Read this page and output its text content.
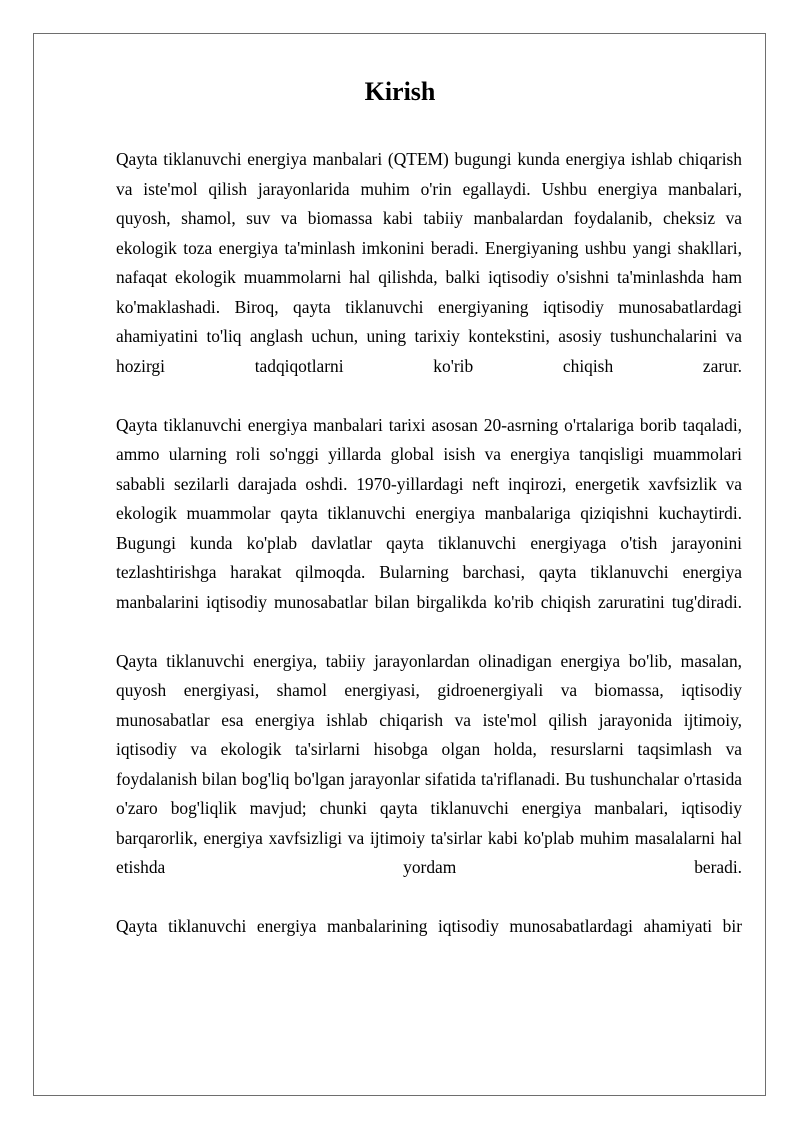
Kirish

Qayta tiklanuvchi energiya manbalari (QTEM) bugungi kunda energiya ishlab chiqarish va iste'mol qilish jarayonlarida muhim o'rin egallaydi. Ushbu energiya manbalari, quyosh, shamol, suv va biomassa kabi tabiiy manbalardan foydalanib, cheksiz va ekologik toza energiya ta'minlash imkonini beradi. Energiyaning ushbu yangi shakllari, nafaqat ekologik muammolarni hal qilishda, balki iqtisodiy o'sishni ta'minlashda ham ko'maklashadi. Biroq, qayta tiklanuvchi energiyaning iqtisodiy munosabatlardagi ahamiyatini to'liq anglash uchun, uning tarixiy kontekstini, asosiy tushunchalarini va hozirgi tadqiqotlarni ko'rib chiqish zarur.

Qayta tiklanuvchi energiya manbalari tarixi asosan 20-asrning o'rtalariga borib taqaladi, ammo ularning roli so'nggi yillarda global isish va energiya tanqisligi muammolari sababli sezilarli darajada oshdi. 1970-yillardagi neft inqirozi, energetik xavfsizlik va ekologik muammolar qayta tiklanuvchi energiya manbalariga qiziqishni kuchaytirdi. Bugungi kunda ko'plab davlatlar qayta tiklanuvchi energiyaga o'tish jarayonini tezlashtirishga harakat qilmoqda. Bularning barchasi, qayta tiklanuvchi energiya manbalarini iqtisodiy munosabatlar bilan birgalikda ko'rib chiqish zaruratini tug'diradi.

Qayta tiklanuvchi energiya, tabiiy jarayonlardan olinadigan energiya bo'lib, masalan, quyosh energiyasi, shamol energiyasi, gidroenergiyali va biomassa, iqtisodiy munosabatlar esa energiya ishlab chiqarish va iste'mol qilish jarayonida ijtimoiy, iqtisodiy va ekologik ta'sirlarni hisobga olgan holda, resurslarni taqsimlash va foydalanish bilan bog'liq bo'lgan jarayonlar sifatida ta'riflanadi. Bu tushunchalar o'rtasida o'zaro bog'liqlik mavjud; chunki qayta tiklanuvchi energiya manbalari, iqtisodiy barqarorlik, energiya xavfsizligi va ijtimoiy ta'sirlar kabi ko'plab muhim masalalarni hal etishda yordam beradi.

Qayta tiklanuvchi energiya manbalarining iqtisodiy munosabatlardagi ahamiyati bir
